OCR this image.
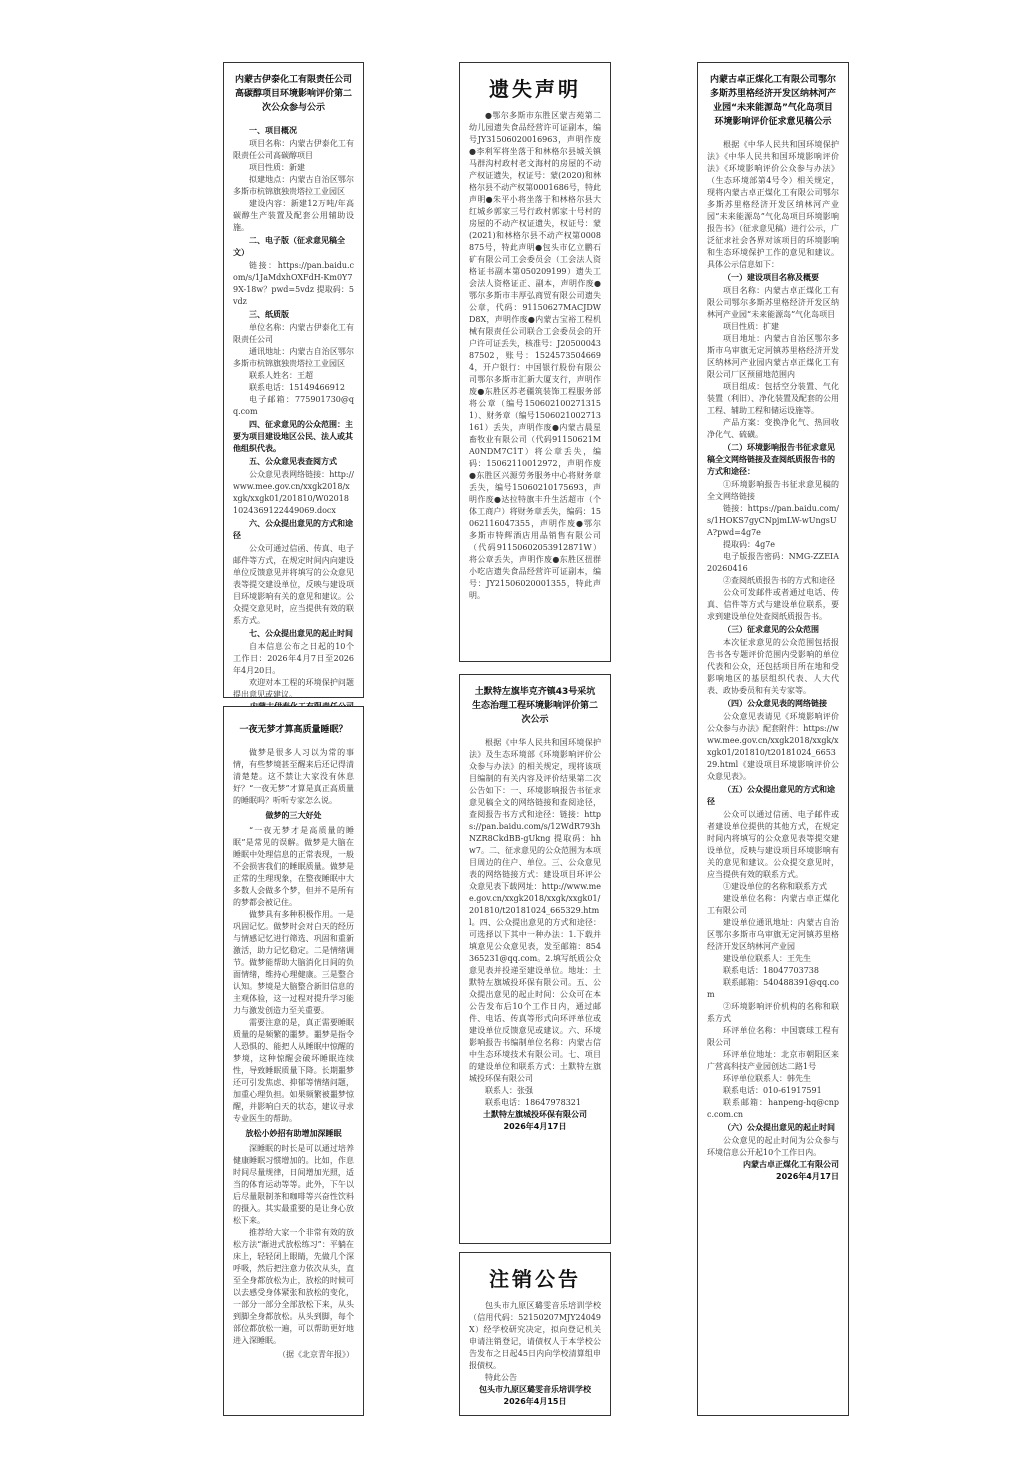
内蒙古伊泰化工有限责任公司高碳醇项目环境影响评价第二次公众参与公示

一、项目概况

项目名称：内蒙古伊泰化工有限责任公司高碳醇项目

项目性质：新建

拟建地点：内蒙古自治区鄂尔多斯市杭锦旗独贵塔拉工业园区

建设内容：新建12万吨/年高碳醇生产装置及配套公用辅助设施。

二、电子版（征求意见稿全文）

链接：https://pan.baidu.com/s/1JaMdxhOXFdH-Km0Y79X-18w？pwd=5vdz 提取码：5vdz

三、纸质版

单位名称：内蒙古伊泰化工有限责任公司

通讯地址：内蒙古自治区鄂尔多斯市杭锦旗独贵塔拉工业园区

联系人姓名：王超

联系电话：15149466912

电子邮箱：775901730@qq.com

四、征求意见的公众范围：主要为项目建设地区公民、法人或其他组织代表。

五、公众意见表查阅方式

公众意见表网络链接：http://www.mee.gov.cn/xxgk2018/xxgk/xxgk01/201810/W020181024369122449069.docx

六、公众提出意见的方式和途径

公众可通过信函、传真、电子邮件等方式，在规定时间内向建设单位反馈意见并将填写的公众意见表等提交建设单位，反映与建设项目环境影响有关的意见和建议。公众提交意见时，应当提供有效的联系方式。

七、公众提出意见的起止时间

自本信息公布之日起的10个工作日：2026年4月7日至2026年4月20日。

欢迎对本工程的环境保护问题提出意见或建议。

一夜无梦才算高质量睡眠？

做梦是很多人习以为常的事情，有些梦境甚至醒来后还记得清清楚楚。这不禁让大家没有休息好？“一夜无梦”才算是真正高质量的睡眠吗？听听专家怎么说。

做梦的三大好处

“一夜无梦才是高质量的睡眠”是常见的误解。做梦是大脑在睡眠中处理信息的正常表现，一般不会损害我们的睡眠质量。做梦是正常的生理现象，在整夜睡眠中大多数人会做多个梦，但并不是所有的梦都会被记住。

做梦具有多种积极作用。一是巩固记忆。做梦时会对白天的经历与情感记忆进行筛选、巩固和重新激活，助力记忆稳定。二是情绪调节。做梦能帮助大脑消化日间的负面情绪，维持心理健康。三是整合认知。梦境是大脑整合新旧信息的主观体验，这一过程对提升学习能力与激发创造力至关重要。

需要注意的是，真正需要睡眠质量的是频繁的噩梦。噩梦是指令人恐惧的、能把人从睡眠中惊醒的梦境，这种惊醒会破坏睡眠连续性，导致睡眠质量下降。长期噩梦还可引发焦虑、抑郁等情绪问题，加重心理负担。如果频繁被噩梦惊醒，并影响白天的状态，建议寻求专业医生的帮助。

放松小妙招有助增加深睡眠

深睡眠的时长是可以通过培养健康睡眠习惯增加的。比如，作息时间尽量规律，日间增加光照，适当的体育运动等等。此外，下午以后尽量限制茶和咖啡等兴奋性饮料的摄入。其实最重要的是让身心放松下来。

推荐给大家一个非常有效的放松方法“渐进式放松练习”：平躺在床上，轻轻闭上眼睛，先做几个深呼吸，然后把注意力依次从头，直至全身都放松为止，放松的时候可以去感受身体紧张和放松的变化，一部分一部分全部放松下来，从头到脚全身都放松。从头到脚，每个部位都放松一遍，可以帮助更好地进入深睡眠。

（据《北京青年报》）

遗失声明

●鄂尔多斯市东胜区蒙吉苑第二幼儿园遗失食品经营许可证副本，编号JY31506020016963，声明作废●李利军将坐落于和林格尔县城关镇马群沟村政村老文海村的房屋的不动产权证遗失，权证号：蒙(2020)和林格尔县不动产权第0001686号，特此声明●朱平小将坐落于和林格尔县大红城乡郭家三号行政村郭家十号村的房屋的不动产权证遗失，权证号：蒙(2021)和林格尔县不动产权第0008875号，特此声明●包头市亿立鹏石矿有限公司工会委员会（工会法人资格证书副本第050209199）遗失工会法人资格证正、副本，声明作废●鄂尔多斯市丰厚弘商贸有限公司遗失公章，代码：91150627MACJDWD8X，声明作废●内蒙古宝裕工程机械有限责任公司联合工会委员会的开户许可证丢失，核准号：J2050004387502，账号：15245735046694，开户银行：中国银行股份有限公司鄂尔多斯市汇新大厦支行，声明作废●东胜区苏老疆筑装饰工程服务部将公章（编号1506021002713151）、财务章（编号1506021002713161）丢失，声明作废●内蒙古晨星畜牧业有限公司（代码91150621MA0NDM7C1T）将公章丢失，编码：15062110012972，声明作废●东胜区兴源劳务服务中心将财务章丢失，编号15060210175693，声明作废●达拉特旗丰升生活超市（个体工商户）将财务章丢失，编码：15062116047355，声明作废●鄂尔多斯市特辉酒店用品销售有限公司（代码91150602053912871W）将公章丢失，声明作废●东胜区扭群小吃店遗失食品经营许可证副本，编号：JY21506020001355，特此声明。

土默特左旗毕克齐镇43号采坑生态治理工程环境影响评价第二次公示

根据《中华人民共和国环境保护法》及生态环境部《环境影响评价公众参与办法》的相关规定，现将该项目编制的有关内容及评价结果第二次公告如下：一、环境影响报告书征求意见稿全文的网络链接和查阅途径，查阅报告书方式和途径：链接：https://pan.baidu.com/s/12WdR793hNZR8CkdBB-gUkng 提取码：hhw7。二、征求意见的公众范围为本项目周边的住户、单位。三、公众意见表的网络链接方式：建设项目环评公众意见表下载网址：http://www.mee.gov.cn/xxgk2018/xxgk/xxgk01/201810/t20181024_665329.html。四、公众提出意见的方式和途径：可选择以下其中一种办法：1.下载并填意见公众意见表，发至邮箱：854365231@qq.com。2.填写纸质公众意见表并投递至建设单位。地址：土默特左旗城投环保有限公司。五、公众提出意见的起止时间：公众可在本公告发布后10个工作日内，通过邮件、电话、传真等形式向环评单位或建设单位反馈意见或建议。六、环境影响报告书编制单位名称：内蒙古信中生态环境技术有限公司。七、项目的建设单位和联系方式：土默特左旗城投环保有限公司

联系人：张强

联系电话：18647978321

土默特左旗城投环保有限公司

2026年4月17日

注销公告

包头市九原区璐雯音乐培训学校（信用代码：52150207MJY24049X）经学校研究决定，拟向登记机关申请注销登记，请债权人于本学校公告发布之日起45日内向学校清算组申报债权。

特此公告

包头市九原区璐雯音乐培训学校

2026年4月15日

内蒙古卓正煤化工有限公司鄂尔多斯苏里格经济开发区纳林河产业园“未来能源岛”气化岛项目环境影响评价征求意见稿公示

根据《中华人民共和国环境保护法》《中华人民共和国环境影响评价法》《环境影响评价公众参与办法》（生态环境部第4号令）相关规定，现将内蒙古卓正煤化工有限公司鄂尔多斯苏里格经济开发区纳林河产业园“未来能源岛”气化岛项目环境影响报告书》（征求意见稿）进行公示，广泛征求社会各界对该项目的环境影响和生态环境保护工作的意见和建议。具体公示信息如下：

（一）建设项目名称及概要

项目名称：内蒙古卓正煤化工有限公司鄂尔多斯苏里格经济开发区纳林河产业园“未来能源岛”气化岛项目

项目性质：扩建

项目地址：内蒙古自治区鄂尔多斯市乌审旗无定河镇苏里格经济开发区纳林河产业园内蒙古卓正煤化工有限公司厂区预留地范围内

项目组成：包括空分装置、气化装置（利旧）、净化装置及配套的公用工程、辅助工程和储运设施等。

产品方案：变换净化气、热回收净化气、硫磺。

（二）环境影响报告书征求意见稿全文网络链接及查阅纸质报告书的方式和途径：

①环境影响报告书征求意见稿的全文网络链接

链接：https://pan.baidu.com/s/1HOKS7gyCNpjmLW-wUngsUA?pwd=4g7e

提取码：4g7e

电子版报告密码：NMG-ZZEIA20260416

②查阅纸质报告书的方式和途径

公众可发邮件或者通过电话、传真、信件等方式与建设单位联系，要求到建设单位处查阅纸质报告书。

（三）征求意见的公众范围

本次征求意见的公众范围包括报告书各专题评价范围内受影响的单位代表和公众，还包括项目所在地和受影响地区的基层组织代表、人大代表、政协委员和有关专家等。

（四）公众意见表的网络链接

公众意见表请见《环境影响评价公众参与办法》配套附件：https://www.mee.gov.cn/xxgk2018/xxgk/xxgk01/201810/t20181024_665329.html《建设项目环境影响评价公众意见表》。

（五）公众提出意见的方式和途径

公众可以通过信函、电子邮件或者建设单位提供的其他方式，在规定时间内将填写的公众意见表等提交建设单位，反映与建设项目环境影响有关的意见和建议。公众提交意见时，应当提供有效的联系方式。

①建设单位的名称和联系方式

建设单位名称：内蒙古卓正煤化工有限公司

建设单位通讯地址：内蒙古自治区鄂尔多斯市乌审旗无定河镇苏里格经济开发区纳林河产业园

建设单位联系人：王先生

联系电话：18047703738

联系邮箱：540488391@qq.com

②环境影响评价机构的名称和联系方式

环评单位名称：中国寰球工程有限公司

环评单位地址：北京市朝阳区来广营高科技产业园创达二路1号

环评单位联系人：韩先生

联系电话：010-61917591

联系邮箱：hanpeng-hq@cnpc.com.cn

（六）公众提出意见的起止时间

公众意见的起止时间为公众参与环境信息公开起10个工作日内。

内蒙古卓正煤化工有限公司

2026年4月17日
